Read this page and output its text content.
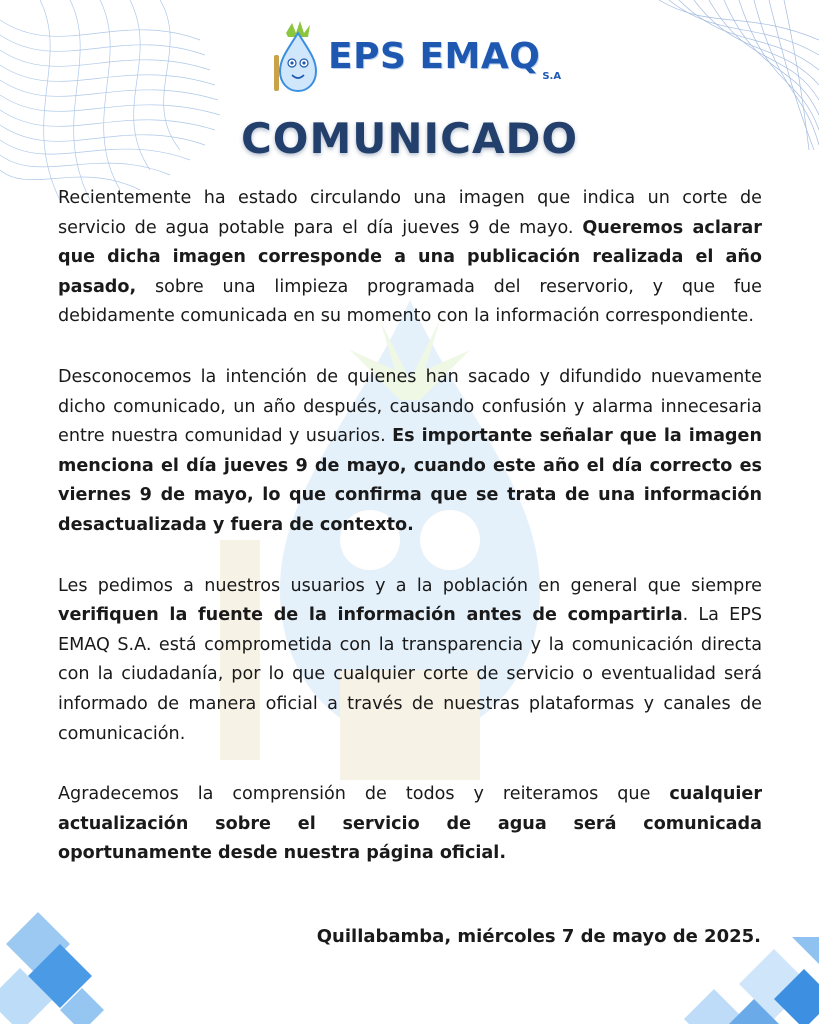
EPS EMAQ S.A
COMUNICADO

Recientemente ha estado circulando una imagen que indica un corte de servicio de agua potable para el día jueves 9 de mayo. Queremos aclarar que dicha imagen corresponde a una publicación realizada el año pasado, sobre una limpieza programada del reservorio, y que fue debidamente comunicada en su momento con la información correspondiente.

Desconocemos la intención de quienes han sacado y difundido nuevamente dicho comunicado, un año después, causando confusión y alarma innecesaria entre nuestra comunidad y usuarios. Es importante señalar que la imagen menciona el día jueves 9 de mayo, cuando este año el día correcto es viernes 9 de mayo, lo que confirma que se trata de una información desactualizada y fuera de contexto.

Les pedimos a nuestros usuarios y a la población en general que siempre verifiquen la fuente de la información antes de compartirla. La EPS EMAQ S.A. está comprometida con la transparencia y la comunicación directa con la ciudadanía, por lo que cualquier corte de servicio o eventualidad será informado de manera oficial a través de nuestras plataformas y canales de comunicación.

Agradecemos la comprensión de todos y reiteramos que cualquier actualización sobre el servicio de agua será comunicada oportunamente desde nuestra página oficial.

Quillabamba, miércoles 7 de mayo de 2025.
